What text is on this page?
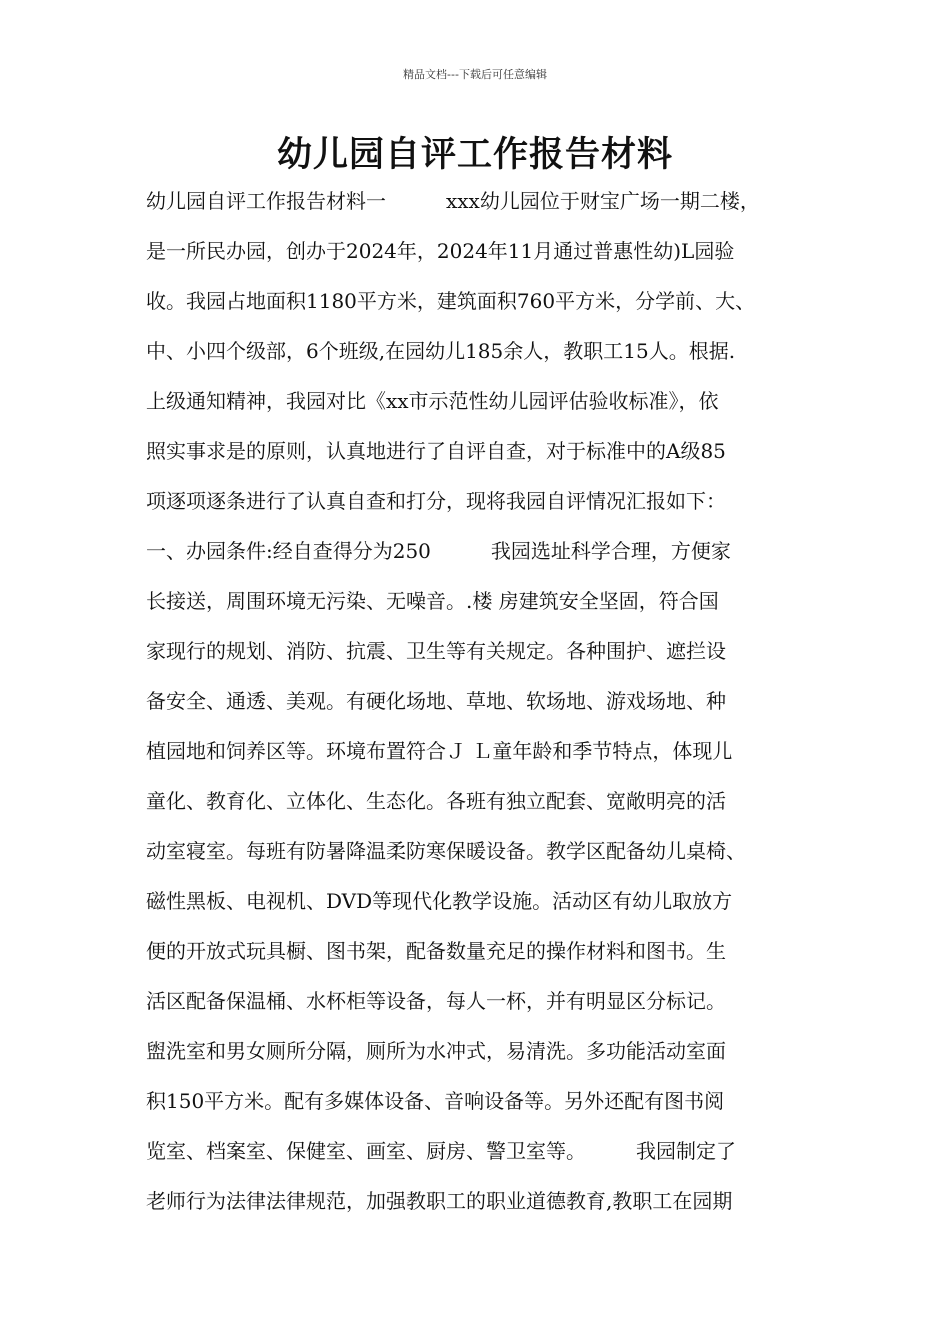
精品文档---下载后可任意编辑
幼儿园自评工作报告材料
幼儿园自评工作报告材料一　　　xxx幼儿园位于财宝广场一期二楼，
是一所民办园，创办于2024年，2024年11月通过普惠性幼)L园验
收。我园占地面积1180平方米，建筑面积760平方米，分学前、大、
中、小四个级部，6个班级,在园幼儿185余人，教职工15人。根据.
上级通知精神，我园对比《xx市示范性幼儿园评估验收标准》，依
照实事求是的原则，认真地进行了自评自查，对于标准中的A级85
项逐项逐条进行了认真自查和打分，现将我园自评情况汇报如下：
一、办园条件:经自查得分为250　　　我园选址科学合理，方便家
长接送，周围环境无污染、无噪音。.楼 房建筑安全坚固，符合国
家现行的规划、消防、抗震、卫生等有关规定。各种围护、遮拦设
备安全、通透、美观。有硬化场地、草地、软场地、游戏场地、种
植园地和饲养区等。环境布置符合Ｊ Ｌ童年龄和季节特点，体现儿
童化、教育化、立体化、生态化。各班有独立配套、宽敞明亮的活
动室寝室。每班有防暑降温柔防寒保暖设备。教学区配备幼儿桌椅、
磁性黑板、电视机、DVD等现代化教学设施。活动区有幼儿取放方
便的开放式玩具橱、图书架，配备数量充足的操作材料和图书。生
活区配备保温桶、水杯柜等设备，每人一杯，并有明显区分标记。
盥洗室和男女厕所分隔，厕所为水冲式，易清洗。多功能活动室面
积150平方米。配有多媒体设备、音响设备等。另外还配有图书阅
览室、档案室、保健室、画室、厨房、警卫室等。　　　我园制定了
老师行为法律法律规范，加强教职工的职业道德教育,教职工在园期
